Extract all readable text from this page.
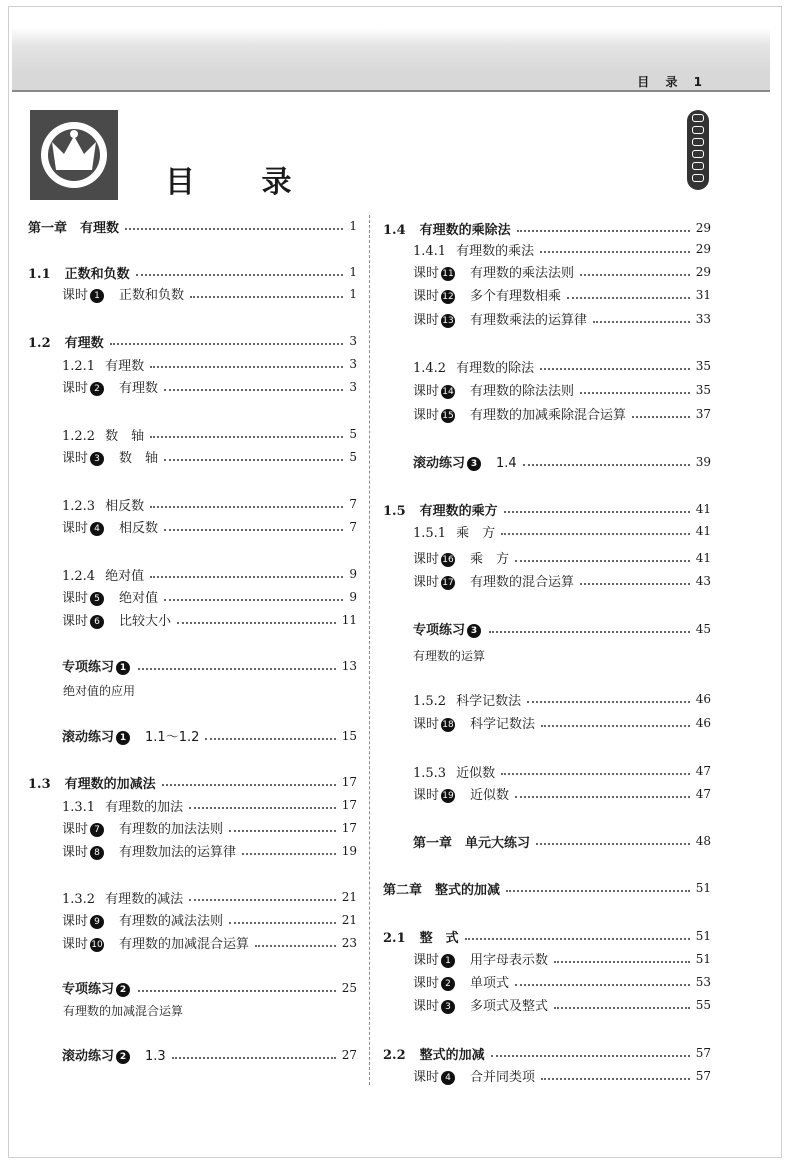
目 录 1
目 录
第一章　有理数	1
1.1 正数和负数	1
课时 1　正数和负数	1
1.2 有理数	3
1.2.1 有理数	3
课时 2　有理数	3
1.2.2 数　轴	5
课时 3　数　轴	5
1.2.3 相反数	7
课时 4　相反数	7
1.2.4 绝对值	9
课时 5　绝对值	9
课时 6　比较大小	11
专项练习 1	13
滚动练习 1　 1.1～1.2	15
1.3 有理数的加减法	17
1.3.1 有理数的加法	17
课时 7　有理数的加法法则	17
课时 8　有理数加法的运算律	19
1.3.2 有理数的减法	21
课时 9　有理数的减法法则	21
课时 10　有理数的加减混合运算	23
专项练习 2	25
滚动练习 2　 1.3	27
1.4 有理数的乘除法	29
1.4.1 有理数的乘法	29
课时 11　有理数的乘法法则	29
课时 12　多个有理数相乘	31
课时 13　有理数乘法的运算律	33
1.4.2 有理数的除法	35
课时 14　有理数的除法法则	35
课时 15　有理数的加减乘除混合运算	37
滚动练习 3　 1.4	39
1.5 有理数的乘方	41
1.5.1 乘　方	41
课时 16　乘　方	41
课时 17　有理数的混合运算	43
专项练习 3	45
1.5.2 科学记数法	46
课时 18　科学记数法	46
1.5.3 近似数	47
课时 19　近似数	47
第一章　单元大练习	48
第二章　整式的加减	51
2.1 整　式	51
课时 1　用字母表示数	51
课时 2　单项式	53
课时 3　多项式及整式	55
2.2 整式的加减	57
课时 4　合并同类项	57
绝对值的应用
有理数的加减混合运算
有理数的运算
